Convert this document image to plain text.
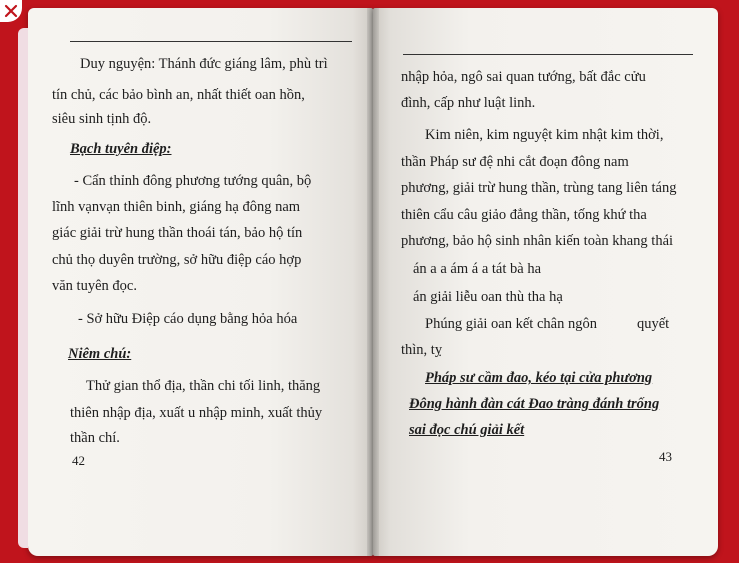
Duy nguyện: Thánh đức giáng lâm, phù trì
tín chủ, các bảo bình an, nhất thiết oan hồn,
siêu sinh tịnh độ.
Bạch tuyên điệp:
- Cẩn thỉnh đông phương tướng quân, bộ
lĩnh vạnvạn thiên binh, giáng hạ đông nam
giác giải trừ hung thần thoái tán, bảo hộ tín
chủ thọ duyên trường, sở hữu điệp cáo hợp
văn tuyên đọc.
- Sở hữu Điệp cáo dụng bằng hỏa hóa
Niêm chú:
Thử gian thổ địa, thần chi tối linh, thăng
thiên nhập địa, xuất u nhập minh, xuất thủy
thần chí.
42
nhập hỏa, ngô sai quan tướng, bất đắc cửu
đình, cấp như luật linh.
Kim niên, kim nguyệt kim nhật kim thời,
thần Pháp sư đệ nhi cắt đoạn đông nam
phương, giải trừ hung thần, trùng tang liên táng
thiên cẩu câu giảo đẳng thần, tống khứ tha
phương, bảo hộ sinh nhân kiến toàn khang thái
án a a ám á a tát bà ha
án giải liễu oan thù tha hạ
Phúng giải oan kết chân ngôn	quyết
thìn, tỵ
Pháp sư cầm đao, kéo tại cửa phương
Đông hành đàn cát Đao tràng đánh trống
sai đọc chú giải kết
43
